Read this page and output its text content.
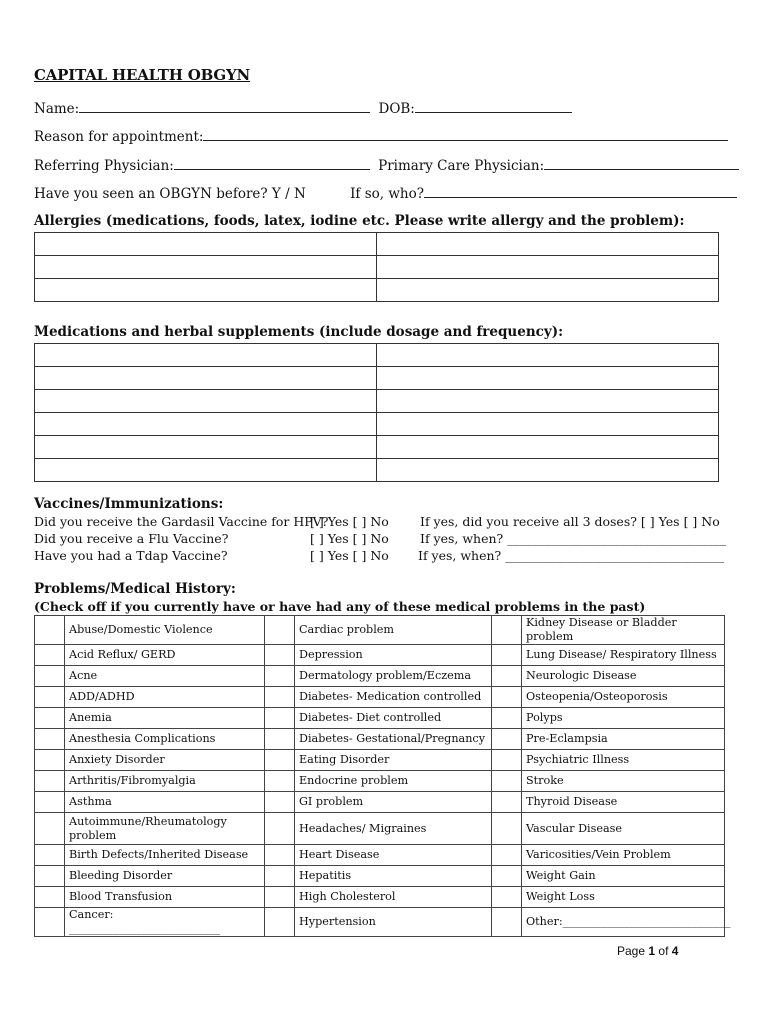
CAPITAL HEALTH OBGYN
Name:	DOB:
Reason for appointment:
Referring Physician:	Primary Care Physician:
Have you seen an OBGYN before? Y / N	If so, who?
Allergies (medications, foods, latex, iodine etc. Please write allergy and the problem):

Medications and herbal supplements (include dosage and frequency):

Vaccines/Immunizations:
Did you receive the Gardasil Vaccine for HPV?
[ ] Yes [ ] No If yes, did you receive all 3 doses? [ ] Yes [ ] No
Did you receive a Flu Vaccine?	[ ] Yes [ ] No If yes, when? ___________________________________
Have you had a Tdap Vaccine?	[ ] Yes [ ] No If yes, when? ___________________________________
Problems/Medical History:
(Check off if you currently have or have had any of these medical problems in the past)
	Abuse/Domestic Violence		Cardiac problem		Kidney Disease or Bladder problem
	Acid Reflux/ GERD		Depression		Lung Disease/ Respiratory Illness
	Acne		Dermatology problem/Eczema		Neurologic Disease
	ADD/ADHD		Diabetes- Medication controlled		Osteopenia/Osteoporosis
	Anemia		Diabetes- Diet controlled		Polyps
	Anesthesia Complications		Diabetes- Gestational/Pregnancy		Pre-Eclampsia
	Anxiety Disorder		Eating Disorder		Psychiatric Illness
	Arthritis/Fibromyalgia		Endocrine problem		Stroke
	Asthma		GI problem		Thyroid Disease
	Autoimmune/Rheumatology problem		Headaches/ Migraines		Vascular Disease
	Birth Defects/Inherited Disease		Heart Disease		Varicosities/Vein Problem
	Bleeding Disorder		Hepatitis		Weight Gain
	Blood Transfusion		High Cholesterol		Weight Loss
	Cancer: ___________________________		Hypertension		Other:______________________________
Page 1 of 4
